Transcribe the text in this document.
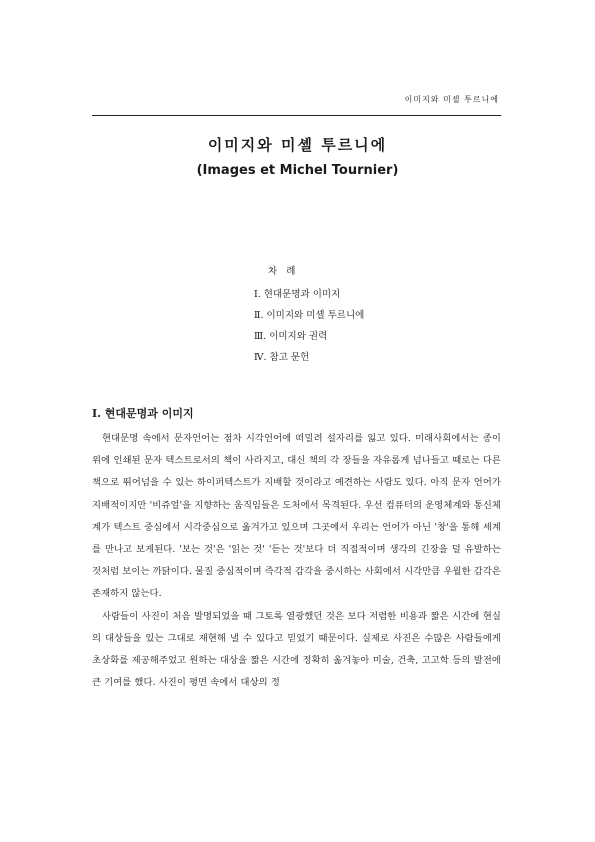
이미지와 미셸 투르니에
이미지와 미셸 투르니에
(Images et Michel Tournier)
차 례
Ⅰ. 현대문명과 이미지
Ⅱ. 이미지와 미셸 투르니에
Ⅲ. 이미지와 권력
Ⅳ. 참고 문헌
Ⅰ. 현대문명과 이미지

현대문명 속에서 문자언어는 점차 시각언어에 떠밀려 설자리를 잃고 있다. 미래사회에서는 종이 위에 인쇄된 문자 텍스트로서의 책이 사라지고, 대신 책의 각 장들을 자유롭게 넘나들고 때로는 다른 책으로 뛰어넘을 수 있는 하이퍼텍스트가 지배할 것이라고 예견하는 사람도 있다. 아직 문자 언어가 지배적이지만 '비쥬얼'을 지향하는 움직임들은 도처에서 목격된다. 우선 컴퓨터의 운영체계와 통신체계가 텍스트 중심에서 시각중심으로 옮겨가고 있으며 그곳에서 우리는 언어가 아닌 '창'을 통해 세계를 만나고 보게된다. '보는 것'은 '읽는 것' '듣는 것'보다 더 직접적이며 생각의 긴장을 덜 유발하는 것처럼 보이는 까닭이다. 물질 중심적이며 즉각적 감각을 중시하는 사회에서 시각만큼 우월한 감각은 존재하지 않는다.

사람들이 사진이 처음 발명되었을 때 그토록 열광했던 것은 보다 저렴한 비용과 짧은 시간에 현실의 대상들을 있는 그대로 재현해 낼 수 있다고 믿었기 때문이다. 실제로 사진은 수많은 사람들에게 초상화를 제공해주었고 원하는 대상을 짧은 시간에 정확히 옮겨놓아 미술, 건축, 고고학 등의 발전에 큰 기여를 했다. 사진이 평면 속에서 대상의 정
